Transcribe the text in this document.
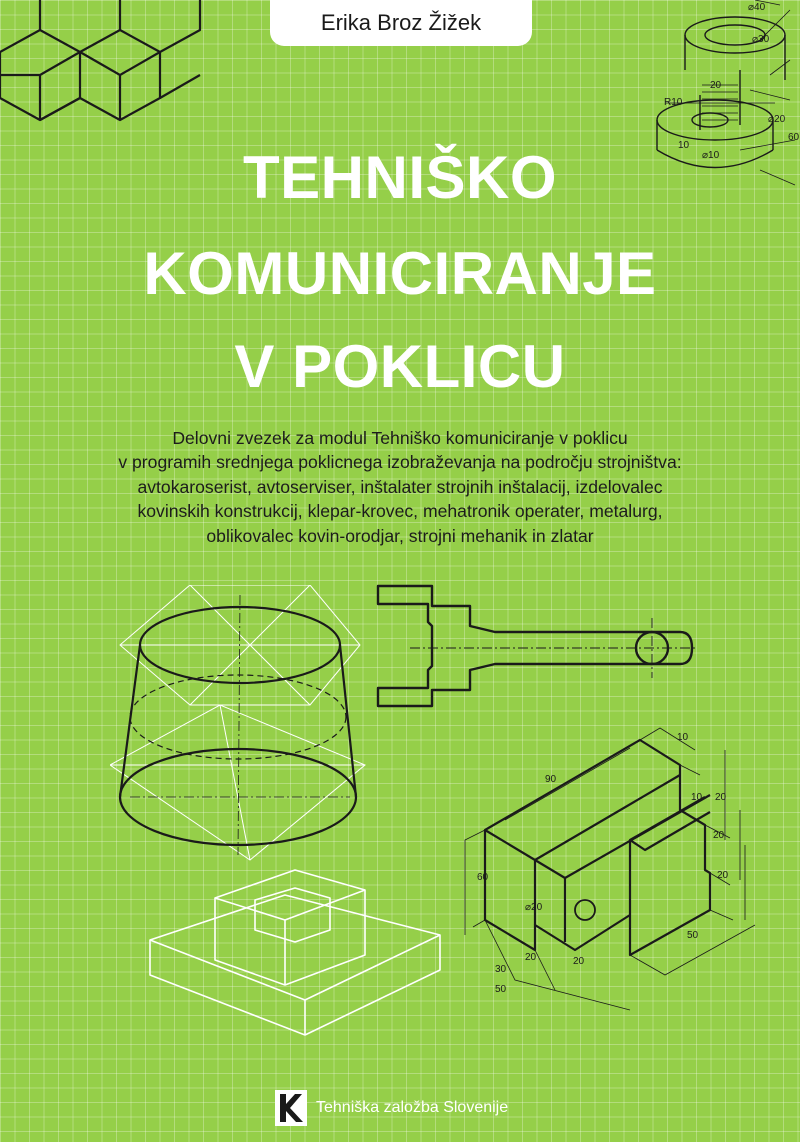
Erika Broz Žižek
⌀40
⌀30
R10
20
10
⌀20
⌀10
60
TEHNIŠKO
KOMUNICIRANJE
V POKLICU
Delovni zvezek za modul Tehniško komuniciranje v poklicu
v programih srednjega poklicnega izobraževanja na področju strojništva:
avtokaroserist, avtoserviser, inštalater strojnih inštalacij, izdelovalec
kovinskih konstrukcij, klepar-krovec, mehatronik operater, metalurg,
oblikovalec kovin-orodjar, strojni mehanik in zlatar
10
90
10 20
20
20
60
⌀20
50
20	20
30
50
Tehniška založba Slovenije
